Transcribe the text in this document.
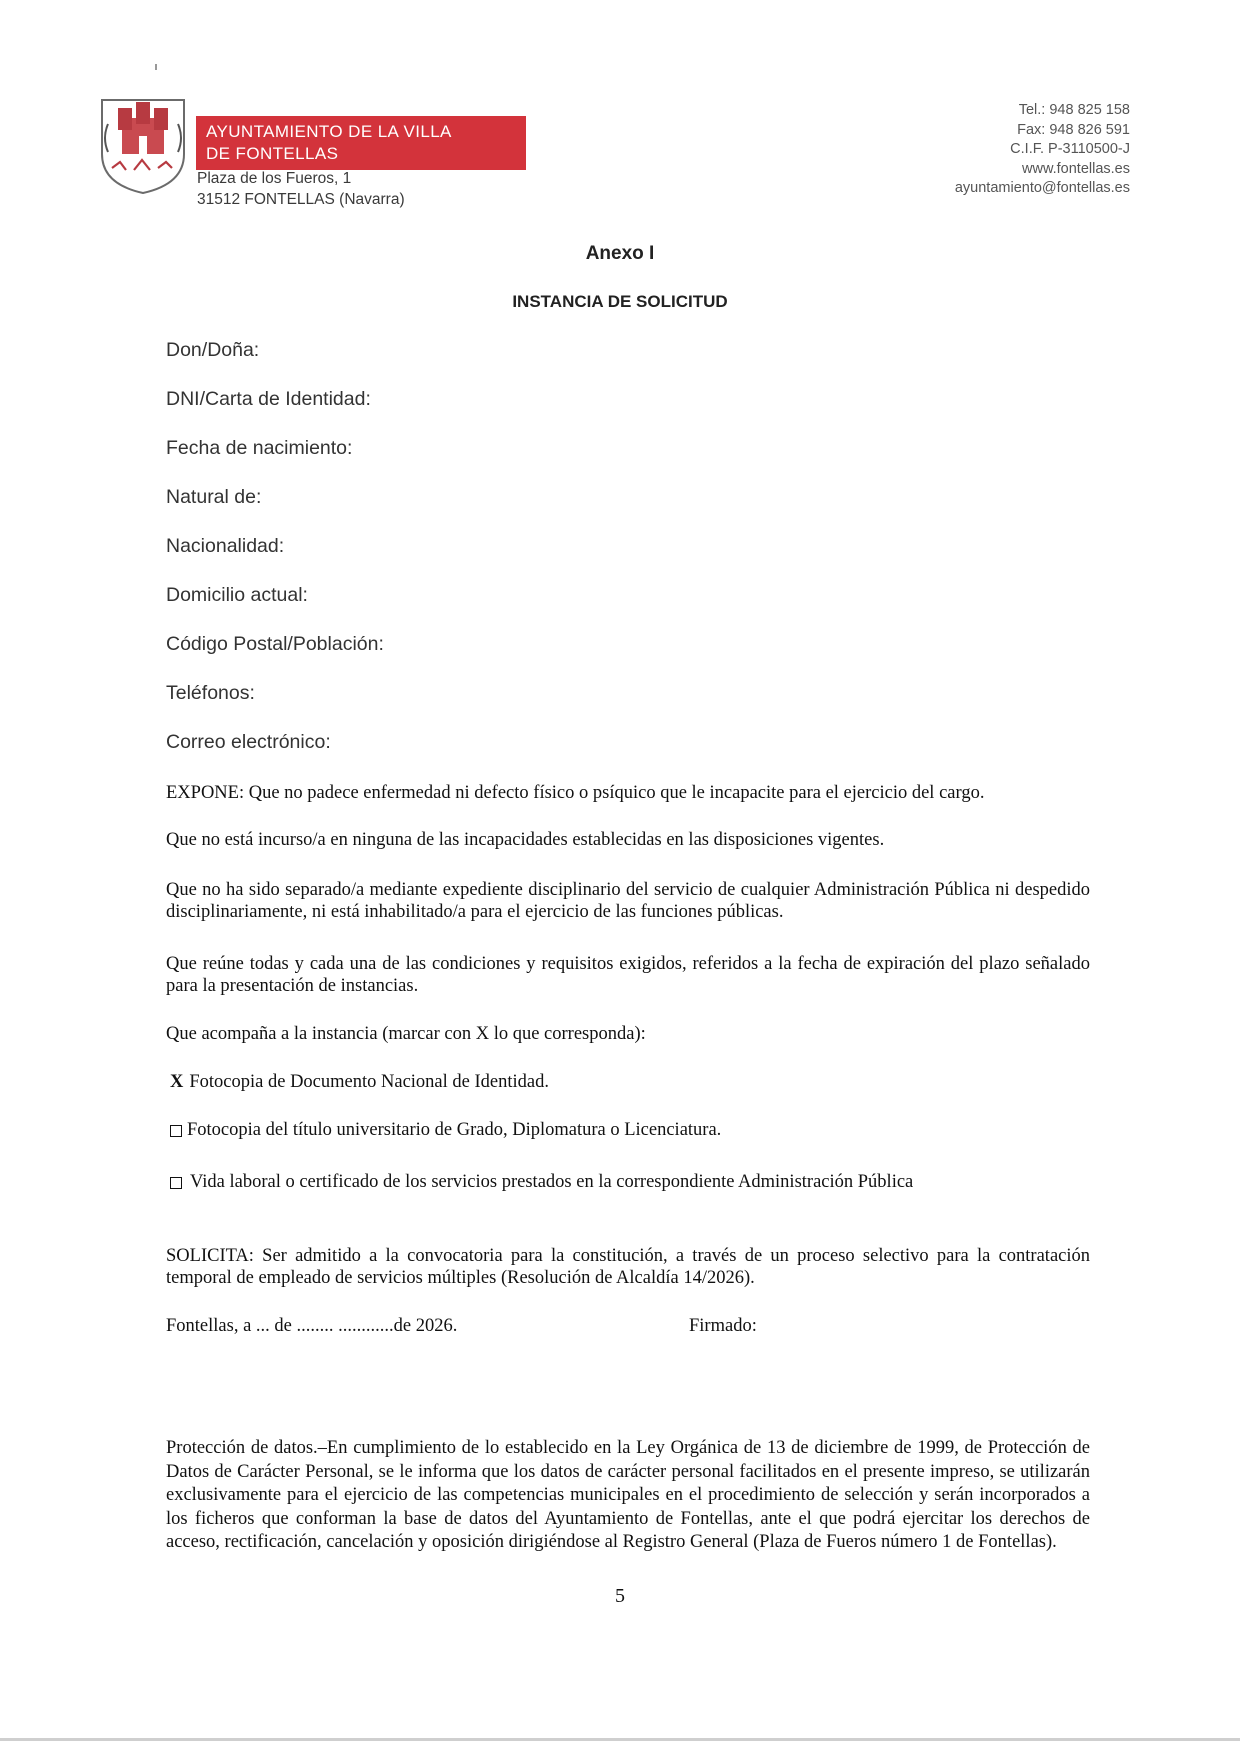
AYUNTAMIENTO DE LA VILLA
DE FONTELLAS
Plaza de los Fueros, 1
31512 FONTELLAS (Navarra)
Tel.: 948 825 158
Fax: 948 826 591
C.I.F. P-3110500-J
www.fontellas.es
ayuntamiento@fontellas.es
Anexo I
INSTANCIA DE SOLICITUD
Don/Doña:
DNI/Carta de Identidad:
Fecha de nacimiento:
Natural de:
Nacionalidad:
Domicilio actual:
Código Postal/Población:
Teléfonos:
Correo electrónico:
EXPONE: Que no padece enfermedad ni defecto físico o psíquico que le incapacite para el ejercicio del cargo.
Que no está incurso/a en ninguna de las incapacidades establecidas en las disposiciones vigentes.
Que no ha sido separado/a mediante expediente disciplinario del servicio de cualquier Administración Pública ni despedido disciplinariamente, ni está inhabilitado/a para el ejercicio de las funciones públicas.
Que reúne todas y cada una de las condiciones y requisitos exigidos, referidos a la fecha de expiración del plazo señalado para la presentación de instancias.
Que acompaña a la instancia (marcar con X lo que corresponda):
X Fotocopia de Documento Nacional de Identidad.
Fotocopia del título universitario de Grado, Diplomatura o Licenciatura.
Vida laboral o certificado de los servicios prestados en la correspondiente Administración Pública
SOLICITA: Ser admitido a la convocatoria para la constitución, a través de un proceso selectivo para la contratación temporal de empleado de servicios múltiples (Resolución de Alcaldía 14/2026).
Fontellas, a ... de ........ ............de 2026.	Firmado:
Protección de datos.–En cumplimiento de lo establecido en la Ley Orgánica de 13 de diciembre de 1999, de Protección de Datos de Carácter Personal, se le informa que los datos de carácter personal facilitados en el presente impreso, se utilizarán exclusivamente para el ejercicio de las competencias municipales en el procedimiento de selección y serán incorporados a los ficheros que conforman la base de datos del Ayuntamiento de Fontellas, ante el que podrá ejercitar los derechos de acceso, rectificación, cancelación y oposición dirigiéndose al Registro General (Plaza de Fueros número 1 de Fontellas).
5
